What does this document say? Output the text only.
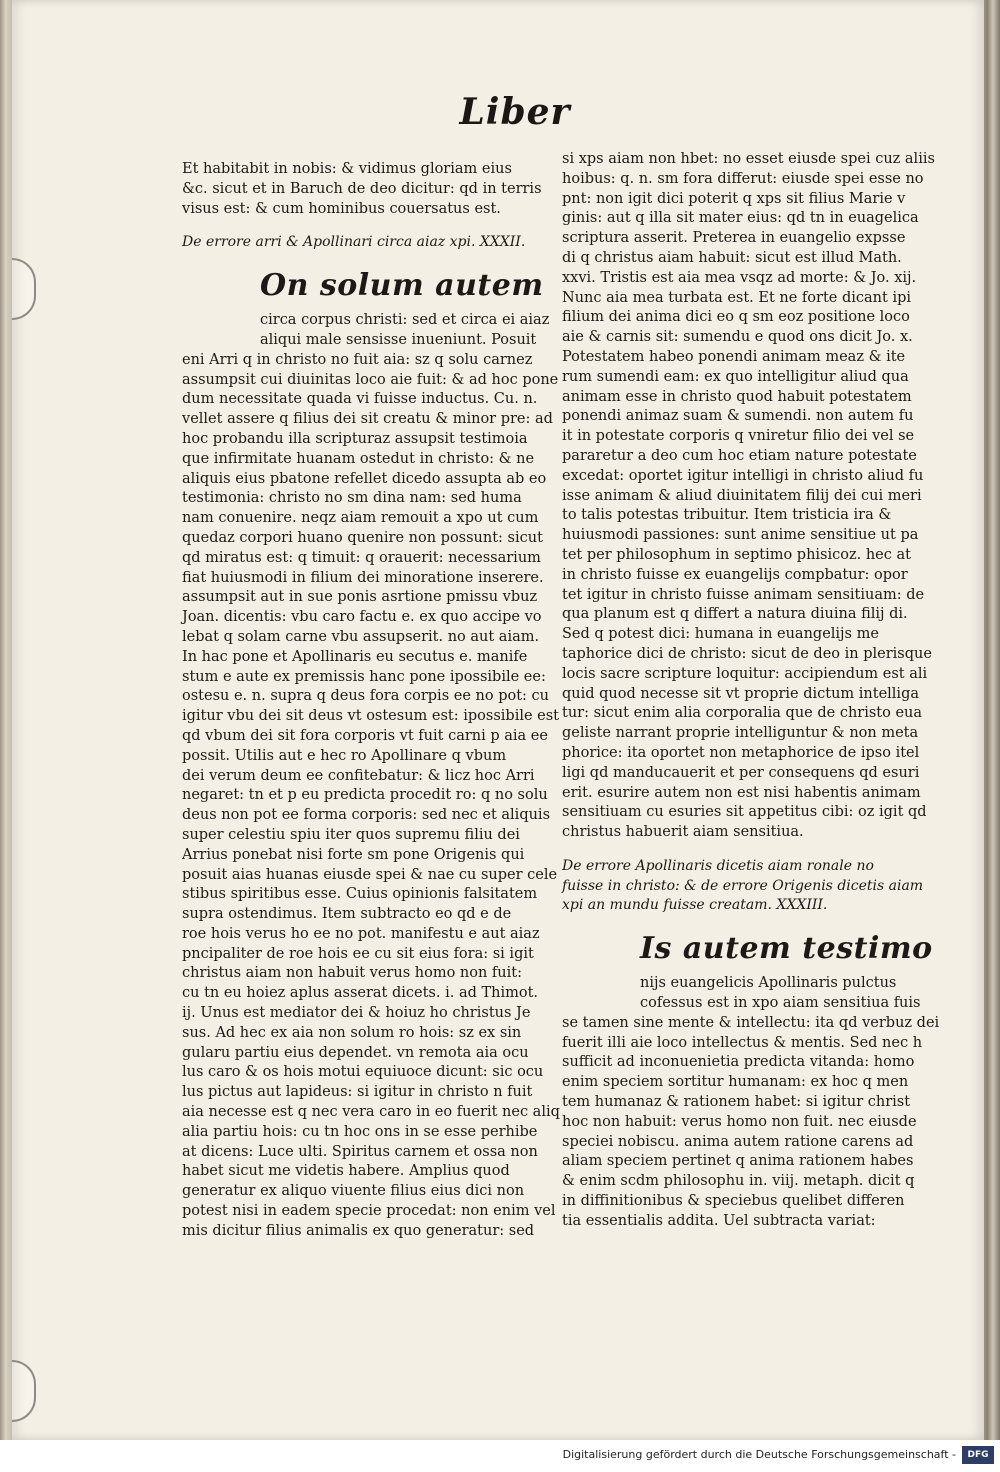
Liber
Et habitabit in nobis: & vidimus gloriam eius
&c. sicut et in Baruch de deo dicitur: qd in terris
visus est: & cum hominibus couersatus est.
De errore arri & Apollinari circa aiaz xpi. XXXII.
On solum autem
circa corpus christi: sed et circa ei aiaz
aliqui male sensisse inueniunt. Posuit
eni Arri q in christo no fuit aia: sz q solu carnez
assumpsit cui diuinitas loco aie fuit: & ad hoc pone
dum necessitate quada vi fuisse inductus. Cu. n.
vellet assere q filius dei sit creatu & minor pre: ad
hoc probandu illa scripturaz assupsit testimoia
que infirmitate huanam ostedut in christo: & ne
aliquis eius pbatone refellet dicedo assupta ab eo
testimonia: christo no sm dina nam: sed huma
nam conuenire. neqz aiam remouit a xpo ut cum
quedaz corpori huano quenire non possunt: sicut
qd miratus est: q timuit: q orauerit: necessarium
fiat huiusmodi in filium dei minoratione inserere.
assumpsit aut in sue ponis asrtione pmissu vbuz
Joan. dicentis: vbu caro factu e. ex quo accipe vo
lebat q solam carne vbu assupserit. no aut aiam.
In hac pone et Apollinaris eu secutus e. manife
stum e aute ex premissis hanc pone ipossibile ee:
ostesu e. n. supra q deus fora corpis ee no pot: cu
igitur vbu dei sit deus vt ostesum est: ipossibile est
qd vbum dei sit fora corporis vt fuit carni p aia ee
possit. Utilis aut e hec ro Apollinare q vbum
dei verum deum ee confitebatur: & licz hoc Arri
negaret: tn et p eu predicta procedit ro: q no solu
deus non pot ee forma corporis: sed nec et aliquis
super celestiu spiu iter quos supremu filiu dei
Arrius ponebat nisi forte sm pone Origenis qui
posuit aias huanas eiusde spei & nae cu super cele
stibus spiritibus esse. Cuius opinionis falsitatem
supra ostendimus. Item subtracto eo qd e de
roe hois verus ho ee no pot. manifestu e aut aiaz
pncipaliter de roe hois ee cu sit eius fora: si igit
christus aiam non habuit verus homo non fuit:
cu tn eu hoiez aplus asserat dicets. i. ad Thimot.
ij. Unus est mediator dei & hoiuz ho christus Je
sus. Ad hec ex aia non solum ro hois: sz ex sin
gularu partiu eius dependet. vn remota aia ocu
lus caro & os hois motui equiuoce dicunt: sic ocu
lus pictus aut lapideus: si igitur in christo n fuit
aia necesse est q nec vera caro in eo fuerit nec aliq
alia partiu hois: cu tn hoc ons in se esse perhibe
at dicens: Luce ulti. Spiritus carnem et ossa non
habet sicut me videtis habere. Amplius quod
generatur ex aliquo viuente filius eius dici non
potest nisi in eadem specie procedat: non enim vel
mis dicitur filius animalis ex quo generatur: sed
si xps aiam non hbet: no esset eiusde spei cuz aliis
hoibus: q. n. sm fora differut: eiusde spei esse no
pnt: non igit dici poterit q xps sit filius Marie v
ginis: aut q illa sit mater eius: qd tn in euagelica
scriptura asserit. Preterea in euangelio expsse
di q christus aiam habuit: sicut est illud Math.
xxvi. Tristis est aia mea vsqz ad morte: & Jo. xij.
Nunc aia mea turbata est. Et ne forte dicant ipi
filium dei anima dici eo q sm eoz positione loco
aie & carnis sit: sumendu e quod ons dicit Jo. x.
Potestatem habeo ponendi animam meaz & ite
rum sumendi eam: ex quo intelligitur aliud qua
animam esse in christo quod habuit potestatem
ponendi animaz suam & sumendi. non autem fu
it in potestate corporis q vniretur filio dei vel se
pararetur a deo cum hoc etiam nature potestate
excedat: oportet igitur intelligi in christo aliud fu
isse animam & aliud diuinitatem filij dei cui meri
to talis potestas tribuitur. Item tristicia ira &
huiusmodi passiones: sunt anime sensitiue ut pa
tet per philosophum in septimo phisicoz. hec at
in christo fuisse ex euangelijs compbatur: opor
tet igitur in christo fuisse animam sensitiuam: de
qua planum est q differt a natura diuina filij di.
Sed q potest dici: humana in euangelijs me
taphorice dici de christo: sicut de deo in plerisque
locis sacre scripture loquitur: accipiendum est ali
quid quod necesse sit vt proprie dictum intelliga
tur: sicut enim alia corporalia que de christo eua
geliste narrant proprie intelliguntur & non meta
phorice: ita oportet non metaphorice de ipso itel
ligi qd manducauerit et per consequens qd esuri
erit. esurire autem non est nisi habentis animam
sensitiuam cu esuries sit appetitus cibi: oz igit qd
christus habuerit aiam sensitiua.
De errore Apollinaris dicetis aiam ronale no
fuisse in christo: & de errore Origenis dicetis aiam
xpi an mundu fuisse creatam. XXXIII.
Is autem testimo
nijs euangelicis Apollinaris pulctus
cofessus est in xpo aiam sensitiua fuis
se tamen sine mente & intellectu: ita qd verbuz dei
fuerit illi aie loco intellectus & mentis. Sed nec h
sufficit ad inconuenietia predicta vitanda: homo
enim speciem sortitur humanam: ex hoc q men
tem humanaz & rationem habet: si igitur christ
hoc non habuit: verus homo non fuit. nec eiusde
speciei nobiscu. anima autem ratione carens ad
aliam speciem pertinet q anima rationem habes
& enim scdm philosophu in. viij. metaph. dicit q
in diffinitionibus & speciebus quelibet differen
tia essentialis addita. Uel subtracta variat:
Digitalisierung gefördert durch die Deutsche Forschungsgemeinschaft -	DFG
